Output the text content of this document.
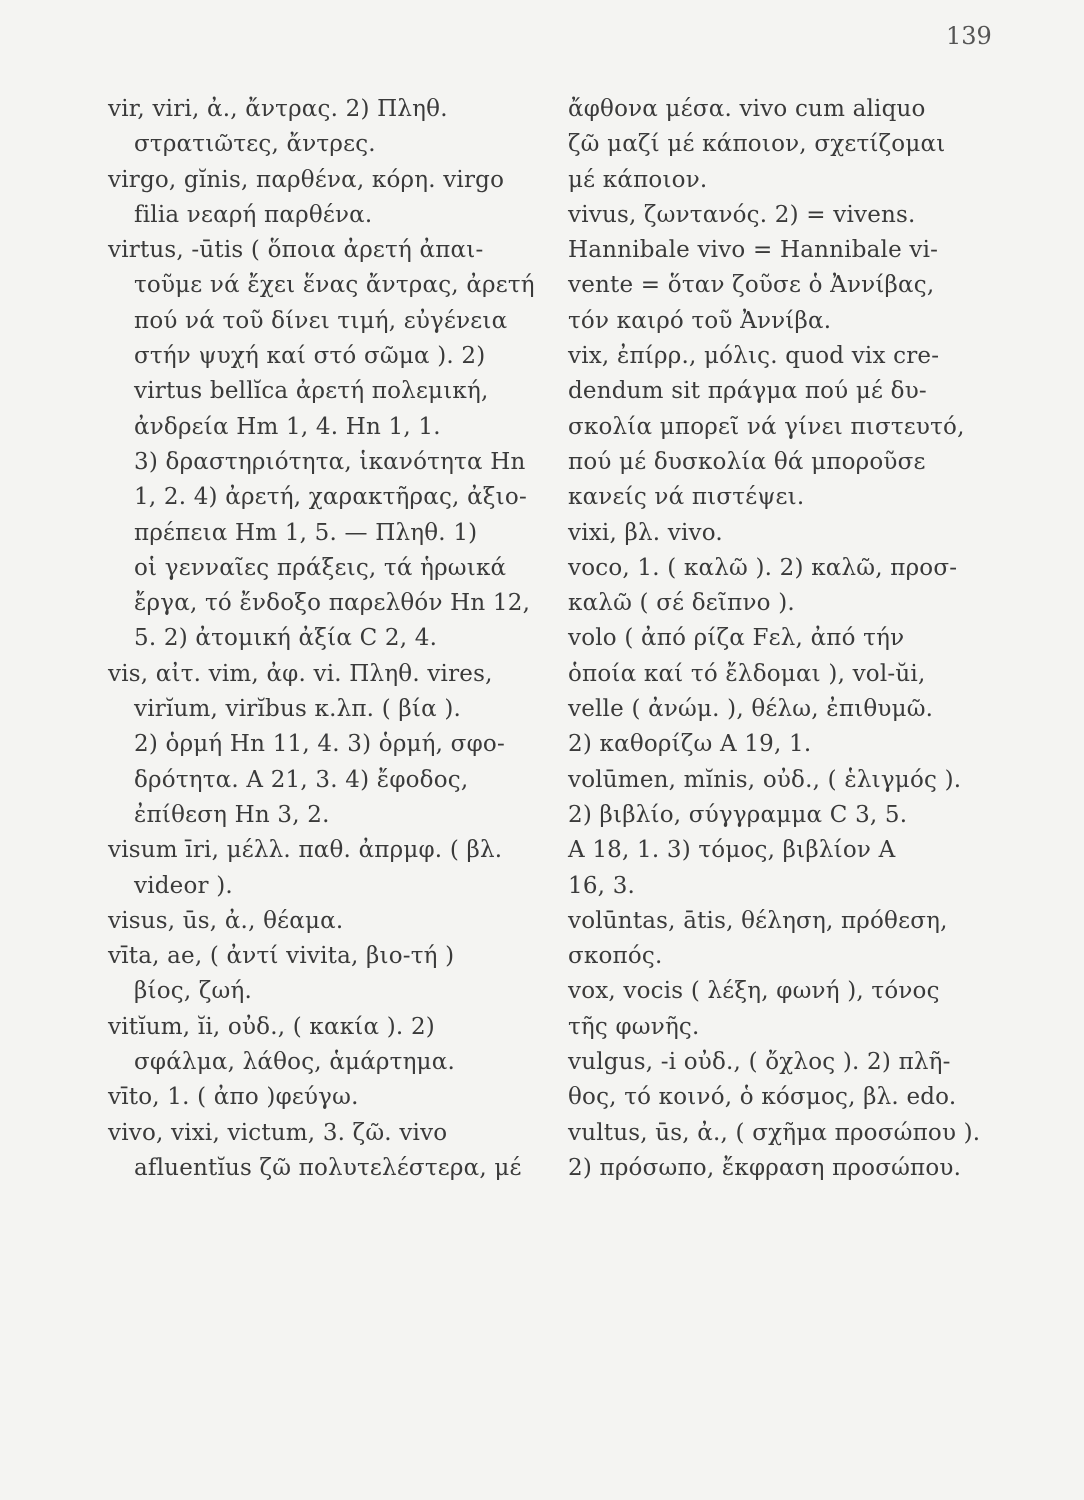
139
vir, viri, ἀ., ἄντρας. 2) Πληθ.
στρατιῶτες, ἄντρες.
virgo, gĭnis, παρθένα, κόρη. virgo
filia νεαρή παρθένα.
virtus, -ūtis ( ὅποια ἀρετή ἀπαι-
τοῦμε νά ἔχει ἕνας ἄντρας, ἀρετή
πού νά τοῦ δίνει τιμή, εὐγένεια
στήν ψυχή καί στό σῶμα ). 2)
virtus bellĭca ἀρετή πολεμική,
ἀνδρεία Hm 1, 4. Hn 1, 1.
3) δραστηριότητα, ἱκανότητα Hn
1, 2. 4) ἀρετή, χαρακτῆρας, ἀξιο-
πρέπεια Hm 1, 5. — Πληθ. 1)
οἱ γενναῖες πράξεις, τά ἡρωικά
ἔργα, τό ἔνδοξο παρελθόν Hn 12,
5. 2) ἀτομική ἀξία C 2, 4.
vis, αἰτ. vim, ἀφ. vi. Πληθ. vires,
virĭum, virĭbus κ.λπ. ( βία ).
2) ὁρμή Hn 11, 4. 3) ὁρμή, σφο-
δρότητα. A 21, 3. 4) ἔφοδος,
ἐπίθεση Hn 3, 2.
visum īri, μέλλ. παθ. ἀπρμφ. ( βλ.
videor ).
visus, ūs, ἀ., θέαμα.
vīta, ae, ( ἀντί vivita, βιο-τή )
βίος, ζωή.
vitĭum, ĭi, οὐδ., ( κακία ). 2)
σφάλμα, λάθος, ἁμάρτημα.
vīto, 1. ( ἀπο )φεύγω.
vivo, vixi, victum, 3. ζῶ. vivo
afluentĭus ζῶ πολυτελέστερα, μέ
ἄφθονα μέσα. vivo cum aliquo
ζῶ μαζί μέ κάποιον, σχετίζομαι
μέ κάποιον.
vivus, ζωντανός. 2) = vivens.
Hannibale vivo = Hannibale vi-
vente = ὅταν ζοῦσε ὁ Ἀννίβας,
τόν καιρό τοῦ Ἀννίβα.
vix, ἐπίρρ., μόλις. quod vix cre-
dendum sit πράγμα πού μέ δυ-
σκολία μπορεῖ νά γίνει πιστευτό,
πού μέ δυσκολία θά μποροῦσε
κανείς νά πιστέψει.
vixi, βλ. vivo.
voco, 1. ( καλῶ ). 2) καλῶ, προσ-
καλῶ ( σέ δεῖπνο ).
volo ( ἀπό ρίζα Fελ, ἀπό τήν
ὁποία καί τό ἔλδομαι ), vol-ŭi,
velle ( ἀνώμ. ), θέλω, ἐπιθυμῶ.
2) καθορίζω A 19, 1.
volūmen, mĭnis, οὐδ., ( ἑλιγμός ).
2) βιβλίο, σύγγραμμα C 3, 5.
A 18, 1. 3) τόμος, βιβλίον A
16, 3.
volūntas, ātis, θέληση, πρόθεση,
σκοπός.
vox, vocis ( λέξη, φωνή ), τόνος
τῆς φωνῆς.
vulgus, -i οὐδ., ( ὄχλος ). 2) πλῆ-
θος, τό κοινό, ὁ κόσμος, βλ. edo.
vultus, ūs, ἀ., ( σχῆμα προσώπου ).
2) πρόσωπο, ἔκφραση προσώπου.
